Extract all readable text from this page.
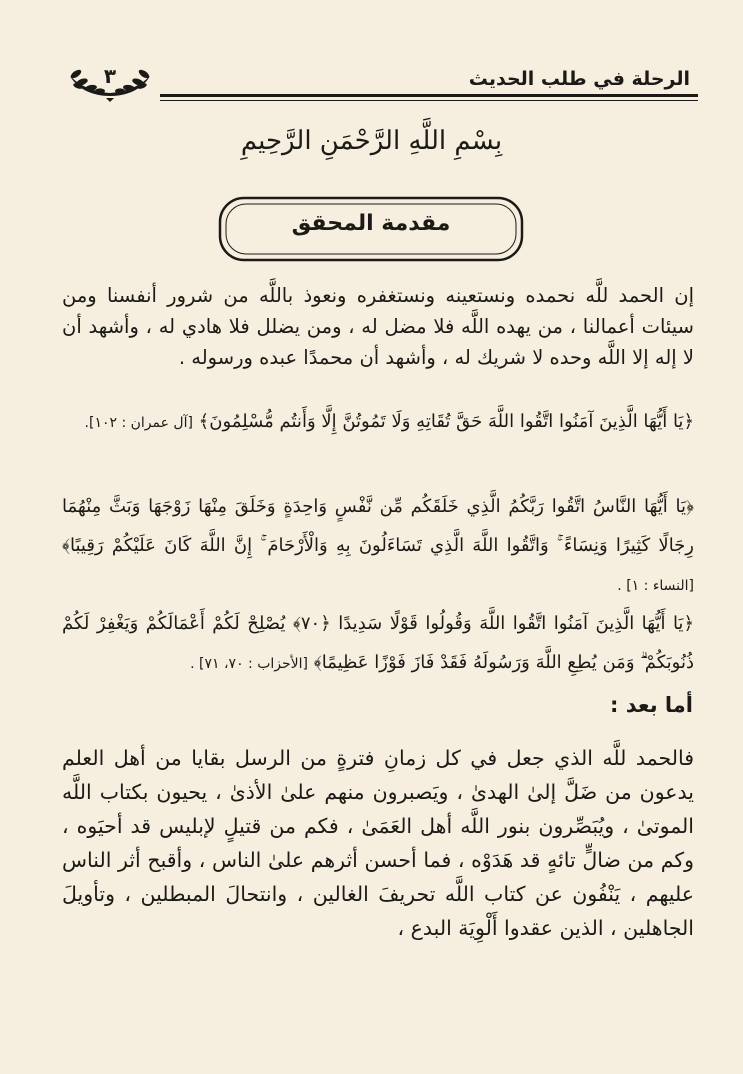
٣	الرحلة في طلب الحديث
بِسْمِ اللَّهِ الرَّحْمَنِ الرَّحِيمِ
مقدمة المحقق
إن الحمد للَّه نحمده ونستعينه ونستغفره ونعوذ باللَّه من شرور أنفسنا ومن سيئات أعمالنا ، من يهده اللَّه فلا مضل له ، ومن يضلل فلا هادي له ، وأشهد أن لا إله إلا اللَّه وحده لا شريك له ، وأشهد أن محمدًا عبده ورسوله .
﴿يَا أَيُّهَا الَّذِينَ آمَنُوا اتَّقُوا اللَّهَ حَقَّ تُقَاتِهِ وَلَا تَمُوتُنَّ إِلَّا وَأَنتُم مُّسْلِمُونَ﴾ [آل عمران : ١٠٢].
﴿يَا أَيُّهَا النَّاسُ اتَّقُوا رَبَّكُمُ الَّذِي خَلَقَكُم مِّن نَّفْسٍ وَاحِدَةٍ وَخَلَقَ مِنْهَا زَوْجَهَا وَبَثَّ مِنْهُمَا رِجَالًا كَثِيرًا وَنِسَاءً ۚ وَاتَّقُوا اللَّهَ الَّذِي تَسَاءَلُونَ بِهِ وَالْأَرْحَامَ ۚ إِنَّ اللَّهَ كَانَ عَلَيْكُمْ رَقِيبًا﴾ [النساء : ١] .
﴿يَا أَيُّهَا الَّذِينَ آمَنُوا اتَّقُوا اللَّهَ وَقُولُوا قَوْلًا سَدِيدًا ﴿٧٠﴾ يُصْلِحْ لَكُمْ أَعْمَالَكُمْ وَيَغْفِرْ لَكُمْ ذُنُوبَكُمْ ۗ وَمَن يُطِعِ اللَّهَ وَرَسُولَهُ فَقَدْ فَازَ فَوْزًا عَظِيمًا﴾ [الأحزاب : ٧٠، ٧١] .
أما بعد :
فالحمد للَّه الذي جعل في كل زمانِ فترةٍ من الرسل بقايا من أهل العلم يدعون من ضَلَّ إلىٰ الهدىٰ ، ويَصبرون منهم علىٰ الأذىٰ ، يحيون بكتاب اللَّه الموتىٰ ، ويُبَصِّرون بنور اللَّه أهل العَمَىٰ ، فكم من قتيلٍ لإبليس قد أحيَوه ، وكم من ضالٍّ تائهٍ قد هَدَوْه ، فما أحسن أثرهم علىٰ الناس ، وأقبح أثر الناس عليهم ، يَنْفُون عن كتاب اللَّه تحريفَ الغالين ، وانتحالَ المبطلين ، وتأويلَ الجاهلين ، الذين عقدوا أَلْوِيَة البدع ،
